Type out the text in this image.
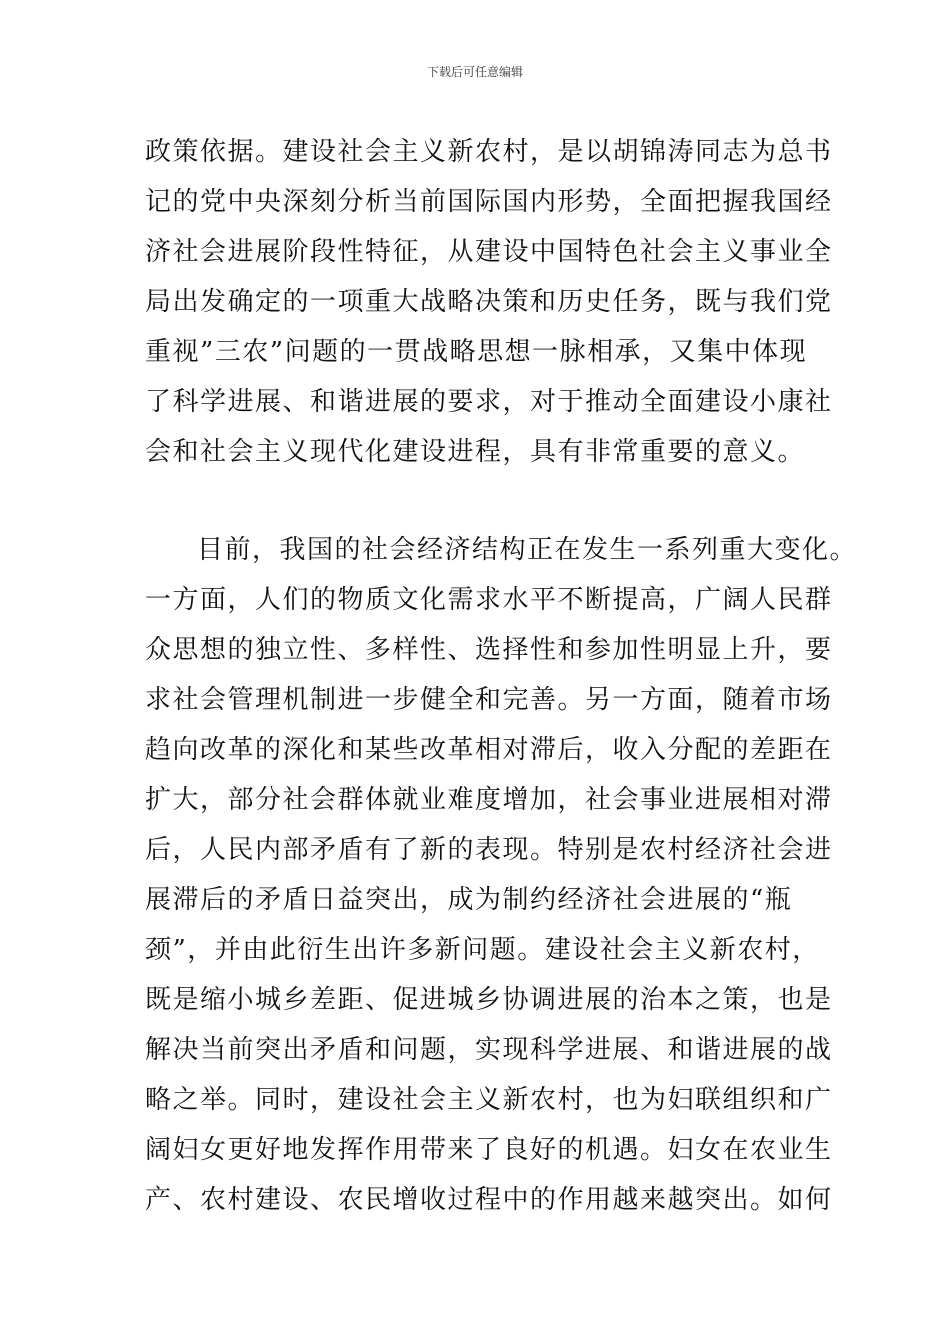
下载后可任意编辑
政策依据。建设社会主义新农村，是以胡锦涛同志为总书
记的党中央深刻分析当前国际国内形势，全面把握我国经
济社会进展阶段性特征，从建设中国特色社会主义事业全
局出发确定的一项重大战略决策和历史任务，既与我们党
重视”三农”问题的一贯战略思想一脉相承，又集中体现
了科学进展、和谐进展的要求，对于推动全面建设小康社
会和社会主义现代化建设进程，具有非常重要的意义。
目前，我国的社会经济结构正在发生一系列重大变化。
一方面，人们的物质文化需求水平不断提高，广阔人民群
众思想的独立性、多样性、选择性和参加性明显上升，要
求社会管理机制进一步健全和完善。另一方面，随着市场
趋向改革的深化和某些改革相对滞后，收入分配的差距在
扩大，部分社会群体就业难度增加，社会事业进展相对滞
后，人民内部矛盾有了新的表现。特别是农村经济社会进
展滞后的矛盾日益突出，成为制约经济社会进展的“瓶
颈”，并由此衍生出许多新问题。建设社会主义新农村，
既是缩小城乡差距、促进城乡协调进展的治本之策，也是
解决当前突出矛盾和问题，实现科学进展、和谐进展的战
略之举。同时，建设社会主义新农村，也为妇联组织和广
阔妇女更好地发挥作用带来了良好的机遇。妇女在农业生
产、农村建设、农民增收过程中的作用越来越突出。如何
